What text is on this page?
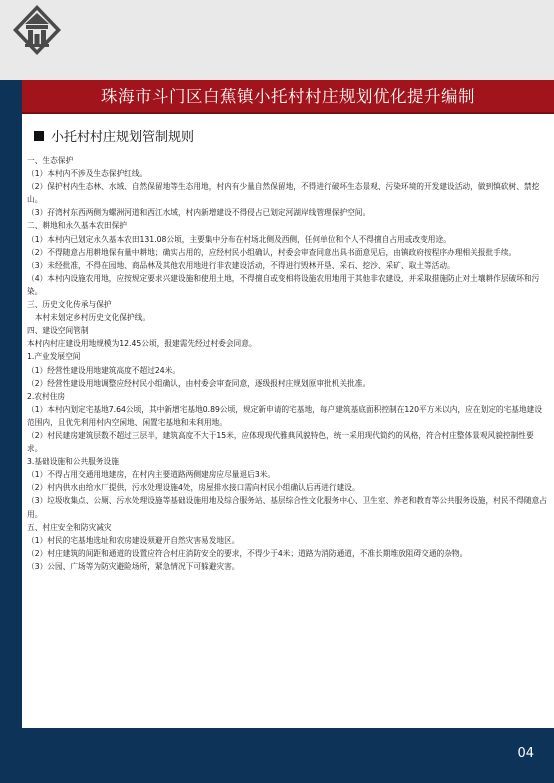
珠海市斗门区白蕉镇小托村村庄规划优化提升编制
小托村村庄规划管制规则

一、生态保护

（1）本村内不涉及生态保护红线。

（2）保护村内生态林、水域、自然保留地等生态用地，村内有少量自然保留地，不得进行破坏生态景观、污染环境的开发建设活动，做到慎砍树、禁挖山。

（3）孖湾村东西两侧为螺洲河道和西江水域，村内新增建设不得侵占已划定河湖岸线管理保护空间。

二、耕地和永久基本农田保护

（1）本村内已划定永久基本农田131.08公顷，主要集中分布在村场北侧及西侧，任何单位和个人不得擅自占用或改变用途。

（2）不得随意占用耕地保有量中耕地；确实占用的，应经村民小组确认，村委会审查同意出具书面意见后，由镇政府按程序办理相关报批手续。

（3）未经批准，不得在园地、商品林及其他农用地进行非农建设活动，不得进行毁林开垦、采石、挖沙、采矿、取土等活动。

（4）本村内设施农用地，应按规定要求兴建设施和使用土地，不得擅自或变相将设施农用地用于其他非农建设，并采取措施防止对土壤耕作层破坏和污染。

三、历史文化传承与保护

　本村未划定乡村历史文化保护线。

四、建设空间管制

本村内村庄建设用地规模为12.45公顷，报建需先经过村委会同意。

1.产业发展空间

（1）经营性建设用地建筑高度不超过24米。

（2）经营性建设用地调整应经村民小组确认，由村委会审查同意，逐级报村庄规划原审批机关批准。

2.农村住房

（1）本村内划定宅基地7.64公顷，其中新增宅基地0.89公顷，规定新申请的宅基地，每户建筑基底面积控制在120平方米以内，应在划定的宅基地建设范围内，且优先利用村内空闲地、闲置宅基地和未利用地。

（2）村民建房建筑层数不超过三层半，建筑高度不大于15米，应体现现代雅典风貌特色，统一采用现代简约的风格，符合村庄整体景观风貌控制性要求。

3.基础设施和公共服务设施

（1）不得占用交通用地建房，在村内主要道路两侧建房应尽量退后3米。

（2）村内供水由给水厂提供，污水处理设施4处，房屋排水接口需向村民小组确认后再进行建设。

（3）垃圾收集点、公厕、污水处理设施等基础设施用地及综合服务站、基层综合性文化服务中心、卫生室、养老和教育等公共服务设施，村民不得随意占用。

五、村庄安全和防灾减灾

（1）村民的宅基地选址和农房建设须避开自然灾害易发地区。

（2）村庄建筑的间距和通道的设置应符合村庄消防安全的要求，不得少于4米；道路为消防通道，不准长期堆放阻碍交通的杂物。

（3）公园、广场等为防灾避险场所，紧急情况下可躲避灾害。

04
